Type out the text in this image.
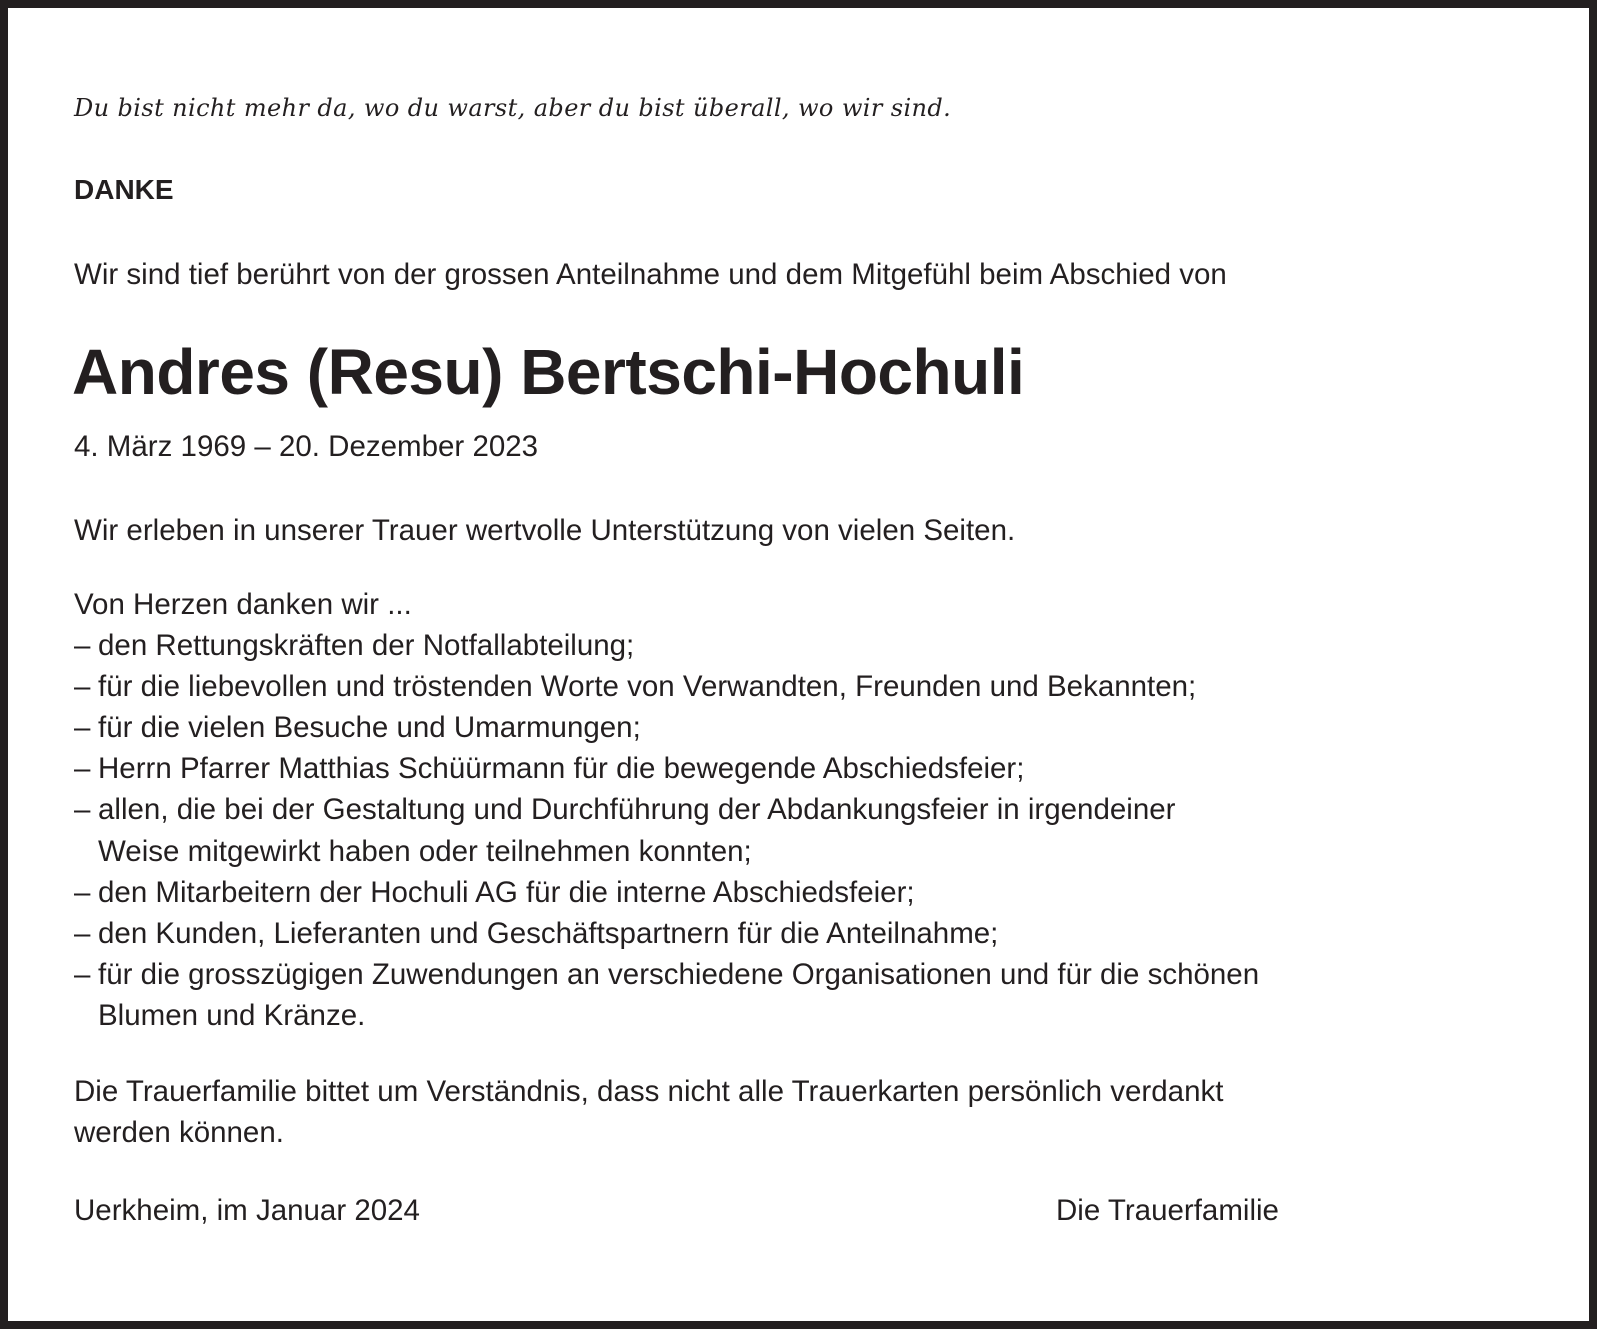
Du bist nicht mehr da, wo du warst, aber du bist überall, wo wir sind.

DANKE

Wir sind tief berührt von der grossen Anteilnahme und dem Mitgefühl beim Abschied von

Andres (Resu) Bertschi-Hochuli

4. März 1969 – 20. Dezember 2023

Wir erleben in unserer Trauer wertvolle Unterstützung von vielen Seiten.

Von Herzen danken wir ...

– den Rettungskräften der Notfallabteilung;

– für die liebevollen und tröstenden Worte von Verwandten, Freunden und Bekannten;

– für die vielen Besuche und Umarmungen;

– Herrn Pfarrer Matthias Schüürmann für die bewegende Abschiedsfeier;

– allen, die bei der Gestaltung und Durchführung der Abdankungsfeier in irgendeiner

Weise mitgewirkt haben oder teilnehmen konnten;

– den Mitarbeitern der Hochuli AG für die interne Abschiedsfeier;

– den Kunden, Lieferanten und Geschäftspartnern für die Anteilnahme;

– für die grosszügigen Zuwendungen an verschiedene Organisationen und für die schönen

Blumen und Kränze.

Die Trauerfamilie bittet um Verständnis, dass nicht alle Trauerkarten persönlich verdankt
werden können.

Uerkheim, im Januar 2024	Die Trauerfamilie
